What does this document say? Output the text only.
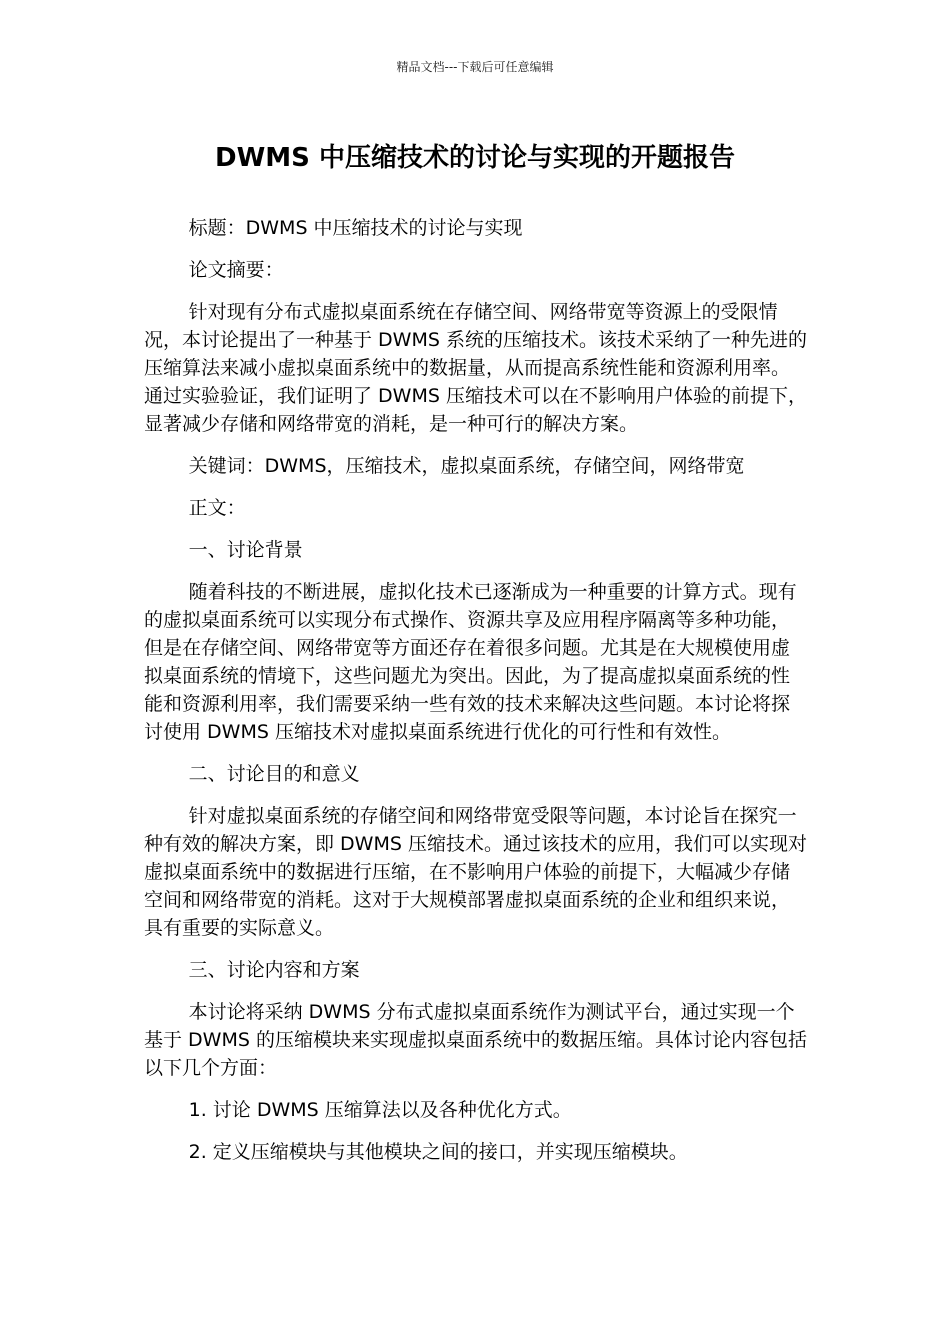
精品文档---下载后可任意编辑
DWMS 中压缩技术的讨论与实现的开题报告

标题：DWMS 中压缩技术的讨论与实现

论文摘要：

针对现有分布式虚拟桌面系统在存储空间、网络带宽等资源上的受限情况，本讨论提出了一种基于 DWMS 系统的压缩技术。该技术采纳了一种先进的压缩算法来减小虚拟桌面系统中的数据量，从而提高系统性能和资源利用率。通过实验验证，我们证明了 DWMS 压缩技术可以在不影响用户体验的前提下，显著减少存储和网络带宽的消耗，是一种可行的解决方案。

关键词：DWMS，压缩技术，虚拟桌面系统，存储空间，网络带宽

正文：

一、讨论背景

随着科技的不断进展，虚拟化技术已逐渐成为一种重要的计算方式。现有的虚拟桌面系统可以实现分布式操作、资源共享及应用程序隔离等多种功能，但是在存储空间、网络带宽等方面还存在着很多问题。尤其是在大规模使用虚拟桌面系统的情境下，这些问题尤为突出。因此，为了提高虚拟桌面系统的性能和资源利用率，我们需要采纳一些有效的技术来解决这些问题。本讨论将探讨使用 DWMS 压缩技术对虚拟桌面系统进行优化的可行性和有效性。

二、讨论目的和意义

针对虚拟桌面系统的存储空间和网络带宽受限等问题，本讨论旨在探究一种有效的解决方案，即 DWMS 压缩技术。通过该技术的应用，我们可以实现对虚拟桌面系统中的数据进行压缩，在不影响用户体验的前提下，大幅减少存储空间和网络带宽的消耗。这对于大规模部署虚拟桌面系统的企业和组织来说，具有重要的实际意义。

三、讨论内容和方案

本讨论将采纳 DWMS 分布式虚拟桌面系统作为测试平台，通过实现一个基于 DWMS 的压缩模块来实现虚拟桌面系统中的数据压缩。具体讨论内容包括以下几个方面：

1. 讨论 DWMS 压缩算法以及各种优化方式。

2. 定义压缩模块与其他模块之间的接口，并实现压缩模块。
